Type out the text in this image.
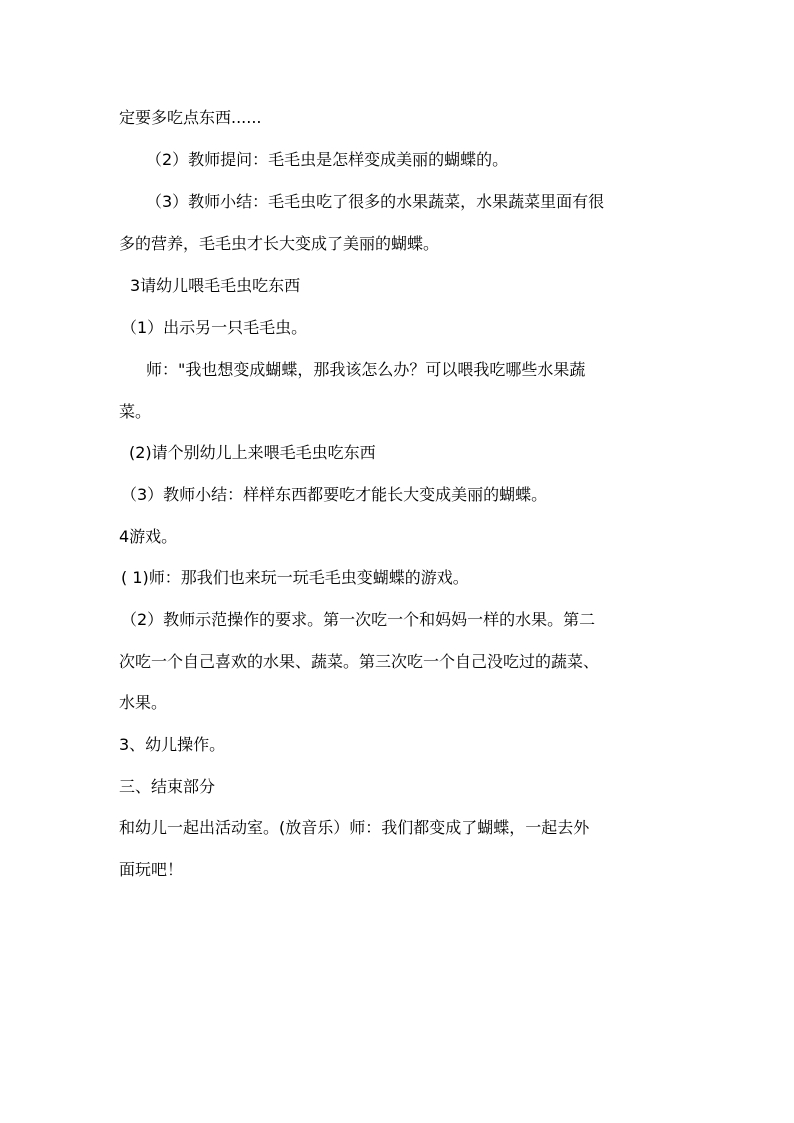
定要多吃点东西......
（2）教师提问：毛毛虫是怎样变成美丽的蝴蝶的。
（3）教师小结：毛毛虫吃了很多的水果蔬菜，水果蔬菜里面有很
多的营养，毛毛虫才长大变成了美丽的蝴蝶。
3请幼儿喂毛毛虫吃东西
（1）出示另一只毛毛虫。
师："我也想变成蝴蝶，那我该怎么办？可以喂我吃哪些水果蔬
菜。
(2)请个别幼儿上来喂毛毛虫吃东西
（3）教师小结：样样东西都要吃才能长大变成美丽的蝴蝶。
4游戏。
( 1)师：那我们也来玩一玩毛毛虫变蝴蝶的游戏。
（2）教师示范操作的要求。第一次吃一个和妈妈一样的水果。第二
次吃一个自己喜欢的水果、蔬菜。第三次吃一个自己没吃过的蔬菜、
水果。
3、幼儿操作。
三、结束部分
和幼儿一起出活动室。(放音乐）师：我们都变成了蝴蝶，一起去外
面玩吧！
